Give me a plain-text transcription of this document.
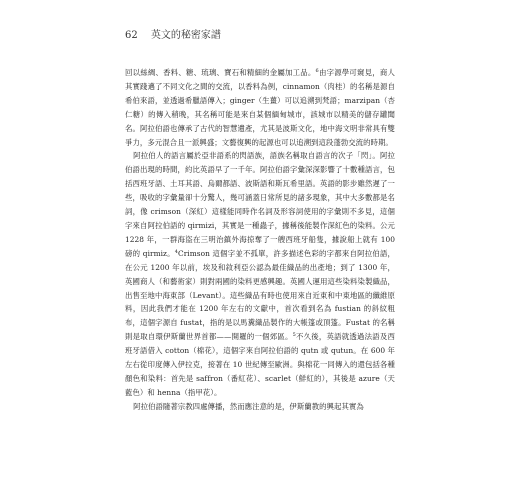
62 英文的秘密家譜

回以絲綢、香料、糖、琉璃、寶石和精細的金屬加工品。$^6$由字源學可窺見，商人其實踐邁了不同文化之間的交流，以香料為例，cinnamon（肉桂）的名稱是源自希伯來語，並透過希臘語傳入；ginger（生薑）可以追溯到梵語；marzipan（杏仁糖）的傳入稍晚，其名稱可能是來自某個緬甸城市，該城市以精美的儲存罐聞名。阿拉伯語也傳承了古代的智慧遺產，尤其是波斯文化，地中海文明非常具有雙爭力，多元混合且一派興盛；文藝復興的起源也可以追溯到這段蓬勃交流的時期。

阿拉伯人的語言屬於亞非語系的閃語族，語族名稱取自語言的次子「閃」。阿拉伯語出現的時間，約比英語早了一千年。阿拉伯語字彙深深影響了十數種語言，包括西班牙語、土耳其語、烏爾都語、波斯語和斯瓦希里語。英語的影步雖然遲了一些，吸收的字彙量卻十分驚人，幾可涵蓋日常所見的諸多現象，其中大多數都是名詞，像 crimson（深紅）這樣能同時作名詞及形容詞使用的字彙則不多見，這個字來自阿拉伯語的 qirmizi，其實是一種蟲子，據稱後能製作深紅色的染料。公元 1228 年，一群海盜在三明治鎮外海掠奪了一艘西班牙船隻，據說船上就有 100 磅的 qirmiz。$^4$Crimson 這個字並不孤單，許多描述色彩的字都來自阿拉伯語，在公元 1200 年以前，埃及和敘利亞公認為最佳織品的出產地；到了 1300 年，英國商人（和藝術家）則對兩國的染料更感興趣。英國人運用這些染料染製織品，出售至地中海東部（Levant）。這些織品有時也使用來自近東和中東地區的纖維原料，因此我們才能在 1200 年左右的文獻中，首次看到名為 fustian 的斜紋粗布，這個字源自 fustat，指的是以馬糞織品製作的大帳篷或頂篷。Fustat 的名稱則是取自環伊斯蘭世界首都——開羅的一個郊區。$^5$不久後，英語就透過法語及西班牙語借入 cotton（棉花），這個字來自阿拉伯語的 qutn 或 qutun。在 600 年左右從印度傳入伊拉克，接著在 10 世紀傳至歐洲。與棉花一同傳入的還包括各種顏色和染料：首先是 saffron（番紅花）、scarlet（鮮紅的），其後是 azure（天藍色）和 henna（指甲花）。

阿拉伯語隨著宗教四處傳播，然而應注意的是，伊斯蘭教的興起其實為
